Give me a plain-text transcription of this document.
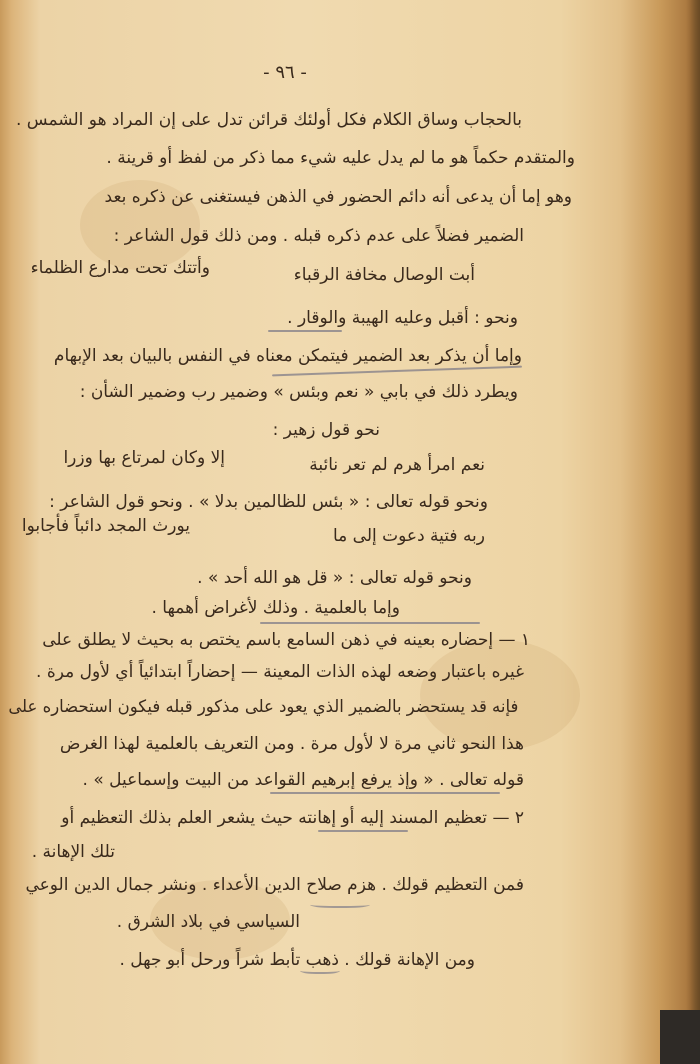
- ٩٦ -
بالحجاب وساق الكلام فكل أولئك قرائن تدل على إن المراد هو الشمس .
والمتقدم حكماً هو ما لم يدل عليه شيء مما ذكر من لفظ أو قرينة .
وهو إما أن يدعى أنه دائم الحضور في الذهن فيستغنى عن ذكره بعد
الضمير فضلاً على عدم ذكره قبله . ومن ذلك قول الشاعر :
أبت الوصال مخافة الرقباء
وأتتك تحت مدارع الظلماء
ونحو : أقبل وعليه الهيبة والوقار .
وإما أن يذكر بعد الضمير فيتمكن معناه في النفس بالبيان بعد الإبهام
ويطرد ذلك في بابي « نعم وبئس » وضمير رب وضمير الشأن :
نحو قول زهير :
نعم امرأ هرم لم تعر نائبة
إلا وكان لمرتاع بها وزرا
ونحو قوله تعالى : « بئس للظالمين بدلا » . ونحو قول الشاعر :
ربه فتية دعوت إلى ما
يورث المجد دائباً فأجابوا
ونحو قوله تعالى : « قل هو الله أحد » .
وإما بالعلمية . وذلك لأغراض أهمها .
١ — إحضاره بعينه في ذهن السامع باسم يختص به بحيث لا يطلق على
غيره باعتبار وضعه لهذه الذات المعينة — إحضاراً ابتدائياً أي لأول مرة .
فإنه قد يستحضر بالضمير الذي يعود على مذكور قبله فيكون استحضاره على
هذا النحو ثاني مرة لا لأول مرة . ومن التعريف بالعلمية لهذا الغرض
قوله تعالى . « وإذ يرفع إبرهيم القواعد من البيت وإسماعيل » .
٢ — تعظيم المسند إليه أو إهانته حيث يشعر العلم بذلك التعظيم أو
تلك الإهانة .
فمن التعظيم قولك . هزم صلاح الدين الأعداء . ونشر جمال الدين الوعي
السياسي في بلاد الشرق .
ومن الإهانة قولك . ذهب تأبط شراً ورحل أبو جهل .
